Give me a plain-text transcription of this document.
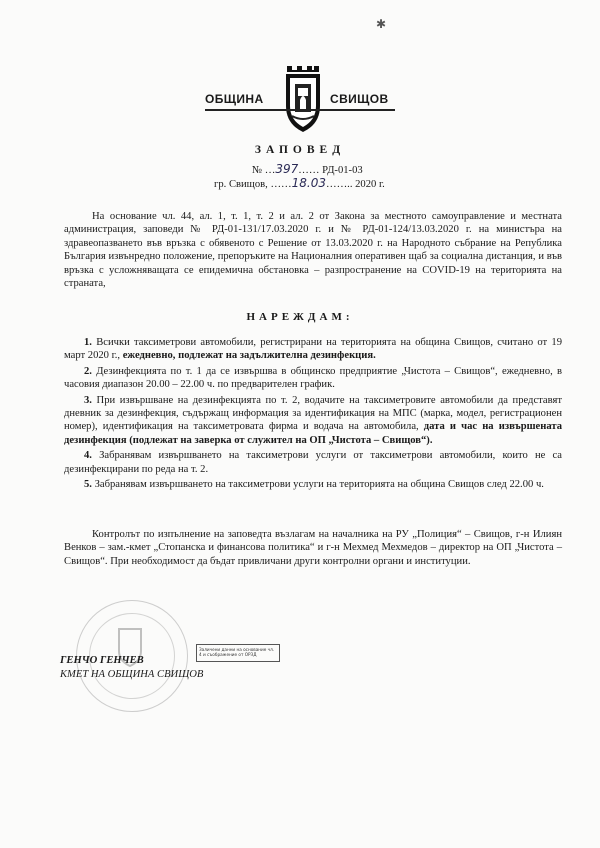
✱
ОБЩИНА	СВИЩОВ
ЗАПОВЕД
№ …397…… РД-01-03
гр. Свищов, ……18.03…….. 2020 г.
На основание чл. 44, ал. 1, т. 1, т. 2 и ал. 2 от Закона за местното самоуправление и местната администрация, заповеди № РД-01-131/17.03.2020 г. и № РД-01-124/13.03.2020 г. на министъра на здравеопазването във връзка с обявеното с Решение от 13.03.2020 г. на Народното събрание на Република България извънредно положение, препоръките на Националния оперативен щаб за социална дистанция, и във връзка с усложняващата се епидемична обстановка – разпространение на COVID-19 на територията на страната,
НАРЕЖДАМ:

1. Всички таксиметрови автомобили, регистрирани на територията на община Свищов, считано от 19 март 2020 г., ежедневно, подлежат на задължителна дезинфекция.

2. Дезинфекцията по т. 1 да се извършва в общинско предприятие „Чистота – Свищов“, ежедневно, в часовия диапазон 20.00 – 22.00 ч. по предварителен график.

3. При извършване на дезинфекцията по т. 2, водачите на таксиметровите автомобили да представят дневник за дезинфекция, съдържащ информация за идентификация на МПС (марка, модел, регистрационен номер), идентификация на таксиметровата фирма и водача на автомобила, дата и час на извършената дезинфекция (подлежат на заверка от служител на ОП „Чистота – Свищов“).

4. Забранявам извършването на таксиметрови услуги от таксиметрови автомобили, които не са дезинфекцирани по реда на т. 2.

5. Забранявам извършването на таксиметрови услуги на територията на община Свищов след 22.00 ч.

Контролът по изпълнение на заповедта възлагам на началника на РУ „Полиция“ – Свищов, г-н Илиян Венков – зам.-кмет „Стопанска и финансова политика“ и г-н Мехмед Мехмедов – директор на ОП „Чистота – Свищов“. При необходимост да бъдат привличани други контролни органи и институции.
Заличени данни на основание чл. 4 и съображение от ОРЗД
ГЕНЧО ГЕНЧЕВ
КМЕТ НА ОБЩИНА СВИЩОВ
